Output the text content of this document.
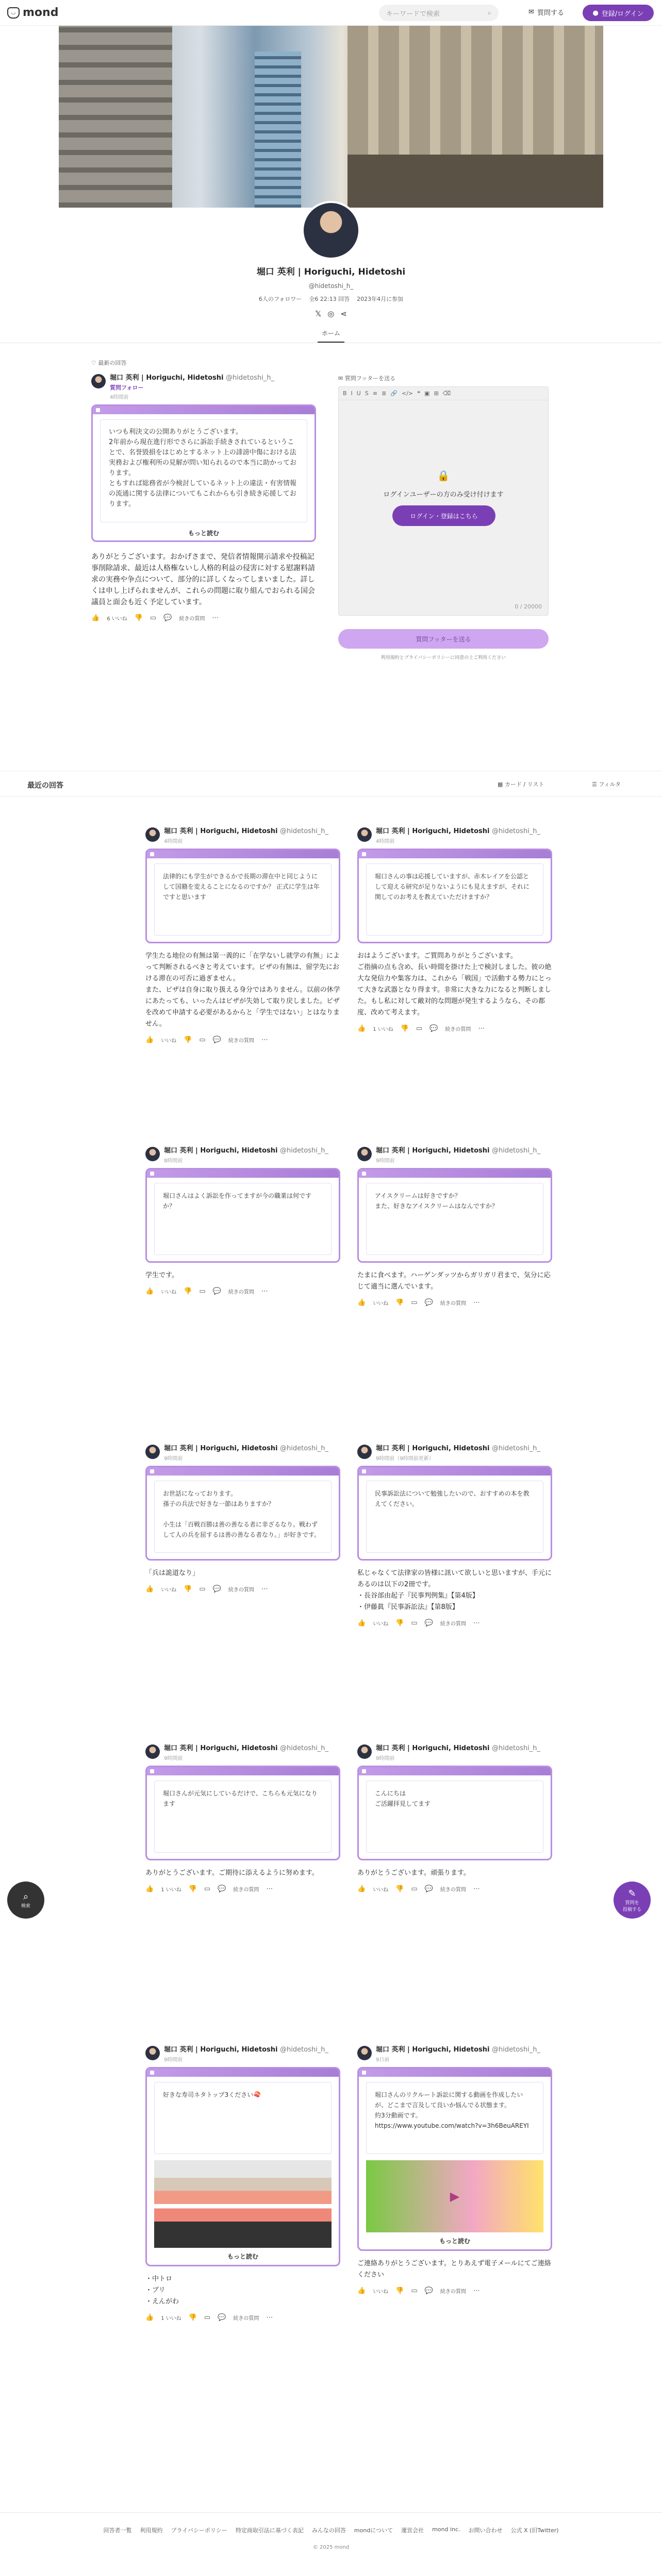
◡ mond	キーワードで検索	⌕	✉ 質問する	● 登録/ログイン
堀口 英利 | Horiguchi, Hidetoshi
@hidetoshi_h_
6人のフォロワー 全6 22:13 回答 2023年4月に参加
𝕏 ◎ ⋖
ホーム
♡ 最新の回答
堀口 英利 | Horiguchi, Hidetoshi @hidetoshi_h_
質問フォロー
4時間前
いつも利決文の公開ありがとうございます。
2年前から現在進行形でさらに訴訟手続きされているということで、名誉毀損をはじめとするネット上の誹謗中傷における法実務および権利所の見解が問い知られるので本当に助かっております。
ともすれば総務省が今検討しているネット上の違法・有害情報の流通に関する法律についてもこれからも引き続き応援しております。
もっと読む
ありがとうございます。おかげさまで、発信者情報開示請求や投稿記事削除請求、最近は人格権ないし人格的利益の侵害に対する慰謝料請求の実務や争点について、部分的に詳しくなってしまいました。詳しくは申し上げられませんが、これらの問題に取り組んでおられる国会議員と面会も近く予定しています。
👍 6 いいね 👎 ▭ 💬 続きの質問 ⋯
✉ 質問フッターを送る
B I U S ≡ ≣ 🔗 </> ❝ ▣ ⊞ ⌫
🔒
ログインユーザーの方のみ受け付けます
ログイン・登録はこちら
0 / 20000
質問フッターを送る
利用規約とプライバシーポリシーに同意の上ご利用ください
最近の回答	▦ カード / リスト	☰ フィルタ
堀口 英利 | Horiguchi, Hidetoshi @hidetoshi_h_
4時間前
法律的にも学生ができるかで長期の滞在中と同じようにして国籍を変えることになるのですか？ 正式に学生は年ですと思います
学生たる地位の有無は第一義的に「在学ないし就学の有無」によって判断されるべきと考えています。ビザの有無は、留学先における滞在の可否に過ぎません。
また、ビザは自身に取り扱える身分ではありません。以前の休学にあたっても、いったんはビザが失効して取り戻しました。ビザを改めて申請する必要があるからと「学生ではない」とはなりません。
👍 いいね 👎 ▭ 💬 続きの質問 ⋯
堀口 英利 | Horiguchi, Hidetoshi @hidetoshi_h_
4時間前
堀口さんの事は応援していますが、赤木レイアを公認として迎える研究が足りないようにも見えますが、それに関してのお考えを教えていただけますか？
おはようございます。ご質問ありがとうございます。
ご指摘の点も含め、長い時間を掛けた上で検討しました。彼の絶大な発信力や集客力は、これから「戦国」で活動する勢力にとって大きな武器となり得ます。非常に大きな力になると判断しました。もし私に対して敵対的な問題が発生するようなら、その都度、改めて考えます。
👍 1 いいね 👎 ▭ 💬 続きの質問 ⋯
堀口 英利 | Horiguchi, Hidetoshi @hidetoshi_h_
8時間前
堀口さんはよく訴訟を作ってますが今の職業は何ですか？
学生です。
👍 いいね 👎 ▭ 💬 続きの質問 ⋯
堀口 英利 | Horiguchi, Hidetoshi @hidetoshi_h_
9時間前
アイスクリームは好きですか？
また、好きなアイスクリームはなんですか？
たまに食べます。ハーゲンダッツからガリガリ君まで、気分に応じて適当に選んでいます。
👍 いいね 👎 ▭ 💬 続きの質問 ⋯
堀口 英利 | Horiguchi, Hidetoshi @hidetoshi_h_
9時間前
お世話になっております。
孫子の兵法で好きな一節はありますか？

小生は「百戦百勝は善の善なる者に非ざるなり。戦わずして人の兵を屈するは善の善なる者なり。」が好きです。
「兵は詭道なり」
👍 いいね 👎 ▭ 💬 続きの質問 ⋯
堀口 英利 | Horiguchi, Hidetoshi @hidetoshi_h_
9時間前（9時間前更新）
民事訴訟法について勉強したいので、おすすめの本を教えてください。
私じゃなくて法律家の皆様に訊いて欲しいと思いますが、手元にあるのは以下の2冊です。
・長谷部由起子『民事判例集』【第4版】
・伊藤眞『民事訴訟法』【第8版】
👍 いいね 👎 ▭ 💬 続きの質問 ⋯
堀口 英利 | Horiguchi, Hidetoshi @hidetoshi_h_
9時間前
堀口さんが元気にしているだけで、こちらも元気になります
ありがとうございます。ご期待に添えるように努めます。
👍 1 いいね 👎 ▭ 💬 続きの質問 ⋯
堀口 英利 | Horiguchi, Hidetoshi @hidetoshi_h_
9時間前
こんにちは
ご活躍拝見してます
ありがとうございます。頑張ります。
👍 いいね 👎 ▭ 💬 続きの質問 ⋯
堀口 英利 | Horiguchi, Hidetoshi @hidetoshi_h_
9時間前
好きな寿司ネタトップ3ください🍣
もっと読む
・中トロ
・ブリ
・えんがわ
👍 1 いいね 👎 ▭ 💬 続きの質問 ⋯
堀口 英利 | Horiguchi, Hidetoshi @hidetoshi_h_
9日前
堀口さんのリクルート訴訟に関する動画を作成したいが、どこまで言及して良いか悩んでる状態ます。
約3分動画です。
https://www.youtube.com/watch?v=3h6BeuAREYI
▶
もっと読む
ご連絡ありがとうございます。とりあえず電子メールにてご連絡ください
👍 いいね 👎 ▭ 💬 続きの質問 ⋯
⌕
検索
✎
質問を
投稿する
回答者一覧 利用規約 プライバシーポリシー 特定商取引法に基づく表記 みんなの回答 mondについて 運営会社 mond inc. お問い合わせ 公式 X (旧Twitter)
© 2025 mond
